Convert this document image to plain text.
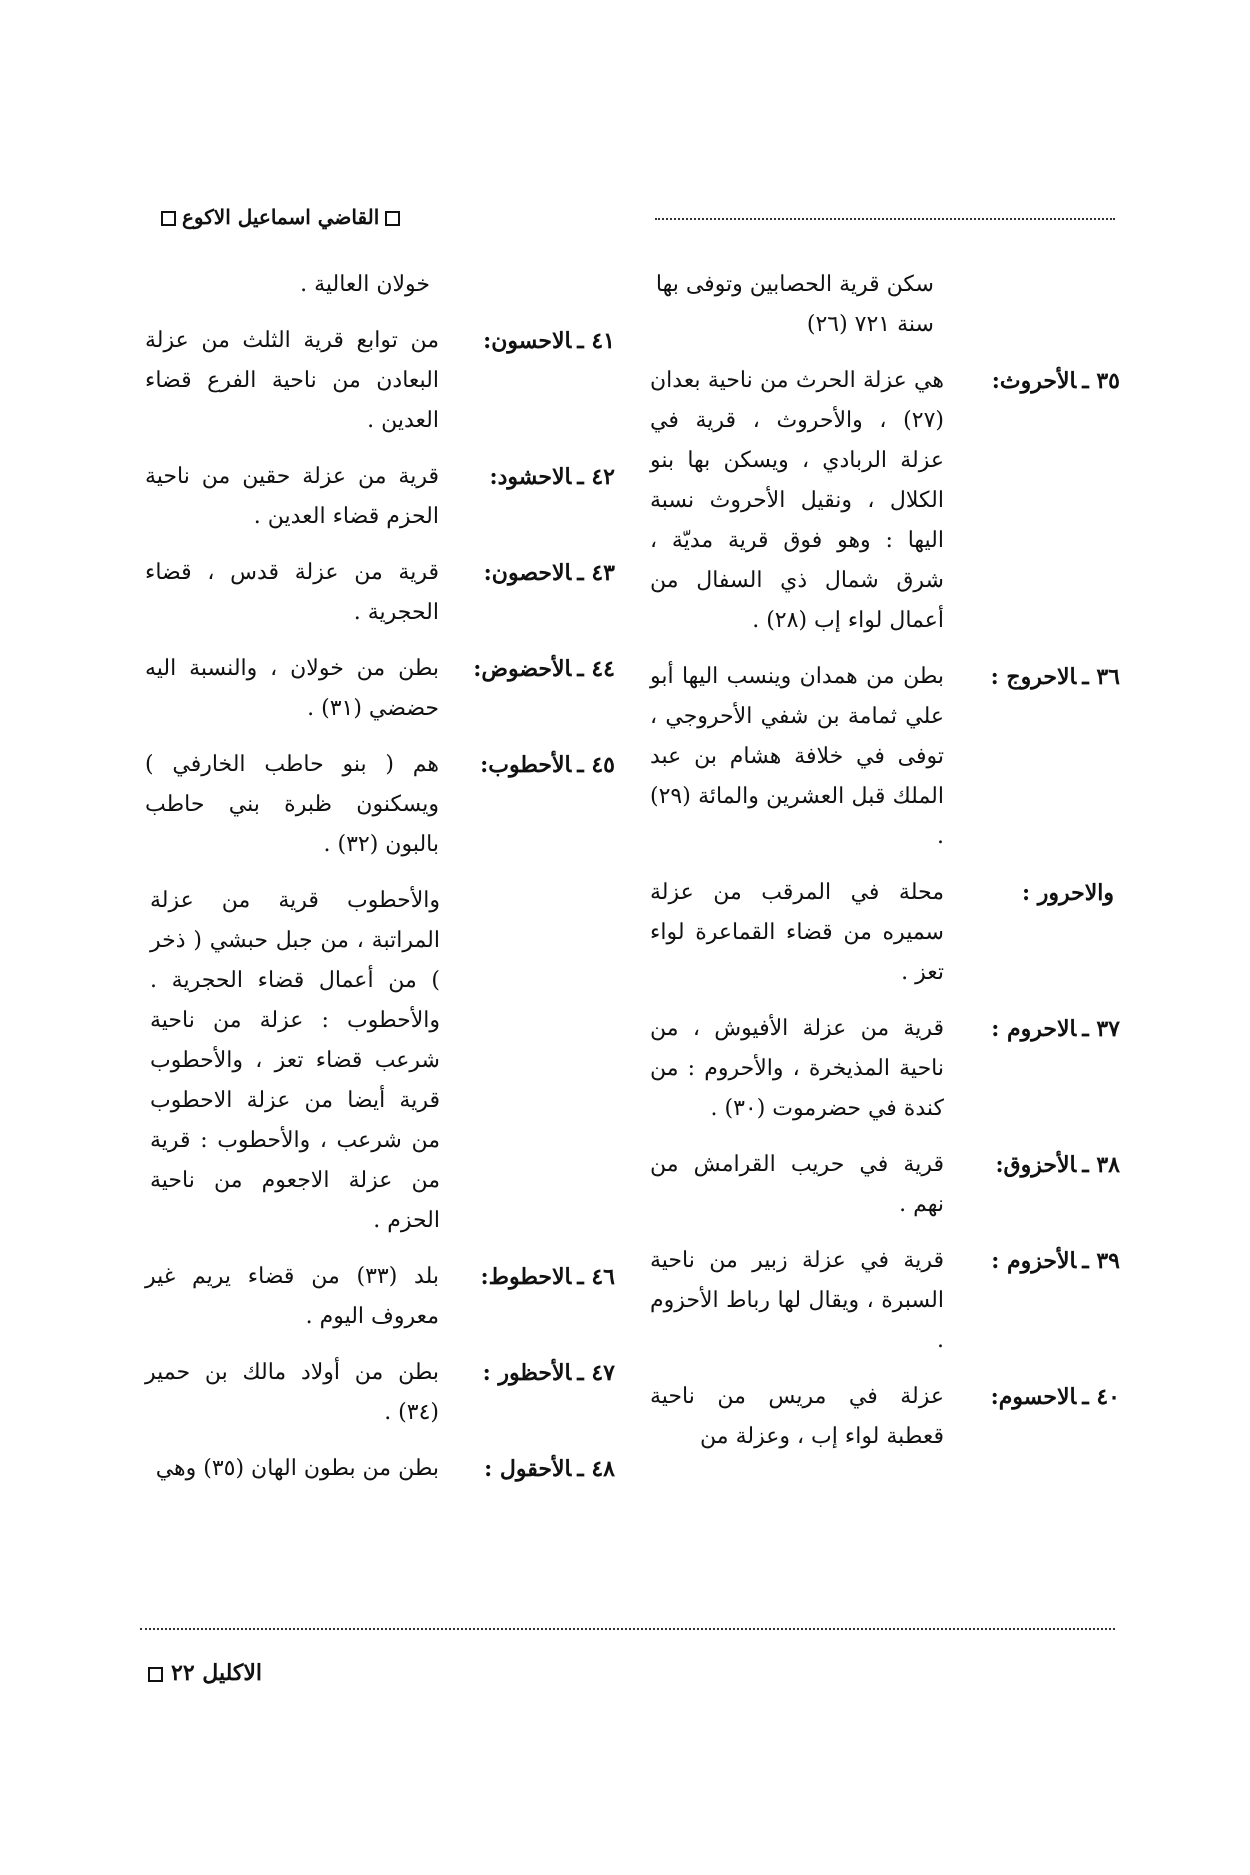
القاضي اسماعيل الاكوع
سكن قرية الحصابين وتوفى بها سنة ٧٢١ (٢٦)
٣٥ ـالأحروث:
هي عزلة الحرث من ناحية بعدان (٢٧) ، والأحروث ، قرية في عزلة الربادي ، ويسكن بها بنو الكلال ، ونقيل الأحروث نسبة اليها : وهو فوق قرية مديّة ، شرق شمال ذي السفال من أعمال لواء إب (٢٨) .
٣٦ ـالاحروج :
بطن من همدان وينسب اليها أبو علي ثمامة بن شفي الأحروجي ، توفى في خلافة هشام بن عبد الملك قبل العشرين والمائة (٢٩) .
والاحرور :
محلة في المرقب من عزلة سميره من قضاء القماعرة لواء تعز .
٣٧ ـالاحروم :
قرية من عزلة الأفيوش ، من ناحية المذيخرة ، والأحروم : من كندة في حضرموت (٣٠) .
٣٨ ـالأحزوق:
قرية في حريب القرامش من نهم .
٣٩ ـالأحزوم :
قرية في عزلة زبير من ناحية السبرة ، ويقال لها رباط الأحزوم .
٤٠ ـالاحسوم:
عزلة في مريس من ناحية قعطبة لواء إب ، وعزلة من
خولان العالية .
٤١ ـالاحسون:
من توابع قرية الثلث من عزلة البعادن من ناحية الفرع قضاء العدين .
٤٢ ـالاحشود:
قرية من عزلة حقين من ناحية الحزم قضاء العدين .
٤٣ ـالاحصون:
قرية من عزلة قدس ، قضاء الحجرية .
٤٤ ـالأحضوض:
بطن من خولان ، والنسبة اليه حضضي (٣١) .
٤٥ ـالأحطوب:
هم ( بنو حاطب الخارفي ) ويسكنون ظبرة بني حاطب بالبون (٣٢) .
والأحطوب قرية من عزلة المراتبة ، من جبل حبشي ( ذخر ) من أعمال قضاء الحجرية . والأحطوب : عزلة من ناحية شرعب قضاء تعز ، والأحطوب قرية أيضا من عزلة الاحطوب من شرعب ، والأحطوب : قرية من عزلة الاجعوم من ناحية الحزم .
٤٦ ـالاحطوط:
بلد (٣٣) من قضاء يريم غير معروف اليوم .
٤٧ ـالأحظور :
بطن من أولاد مالك بن حمير (٣٤) .
٤٨ ـالأحقول :
بطن من بطون الهان (٣٥) وهي
الاكليل ٢٢
